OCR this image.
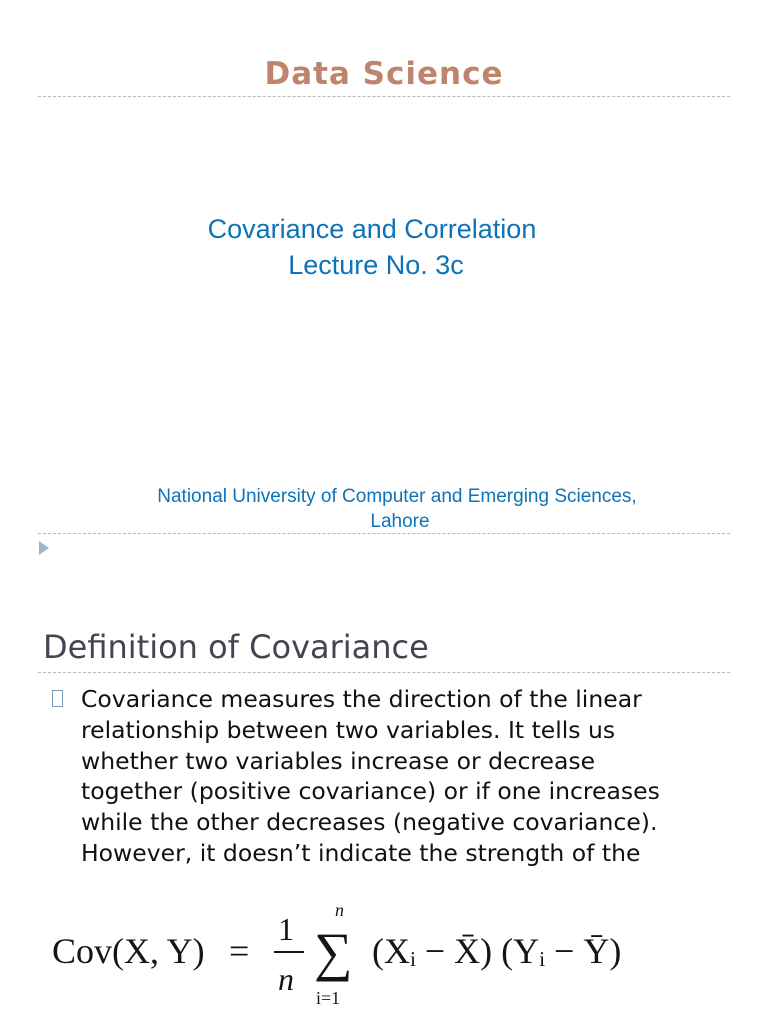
Data Science
Covariance and Correlation
Lecture No. 3c
National University of Computer and Emerging Sciences,
Lahore
Definition of Covariance
Covariance measures the direction of the linear
relationship between two variables. It tells us
whether two variables increase or decrease
together (positive covariance) or if one increases
while the other decreases (negative covariance).
However, it doesn’t indicate the strength of the
Cov(X, Y) =
1
n
n
∑
i=1
(Xᵢ − X̄) (Yᵢ − Ȳ)
